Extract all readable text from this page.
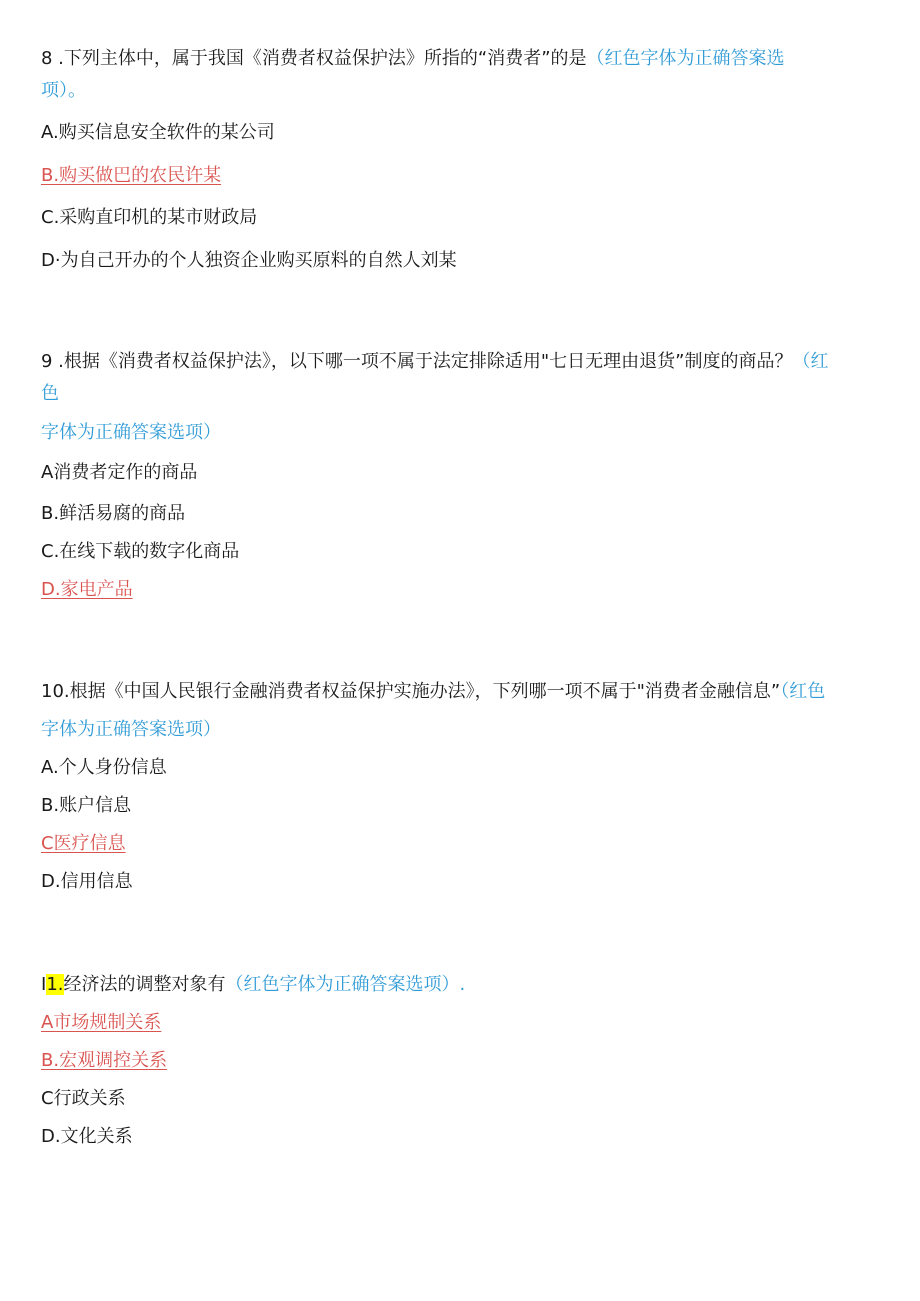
8 .下列主体中，属于我国《消费者权益保护法》所指的“消费者”的是（红色字体为正确答案选
项）。
A.购买信息安全软件的某公司
B.购买做巴的农民许某
C.采购直印机的某市财政局
D·为自己开办的个人独资企业购买原料的自然人刘某
9 .根据《消费者权益保护法》，以下哪一项不属于法定排除适用"七日无理由退货”制度的商品？（红
色
字体为正确答案选项）
A消费者定作的商品
B.鲜活易腐的商品
C.在线下载的数字化商品
D.家电产品
10.根据《中国人民银行金融消费者权益保护实施办法》，下列哪一项不属于"消费者金融信息”（红色
字体为正确答案选项）
A.个人身份信息
B.账户信息
C医疗信息
D.信用信息
I1.经济法的调整对象有（红色字体为正确答案选项）.
A市场规制关系
B.宏观调控关系
C行政关系
D.文化关系
